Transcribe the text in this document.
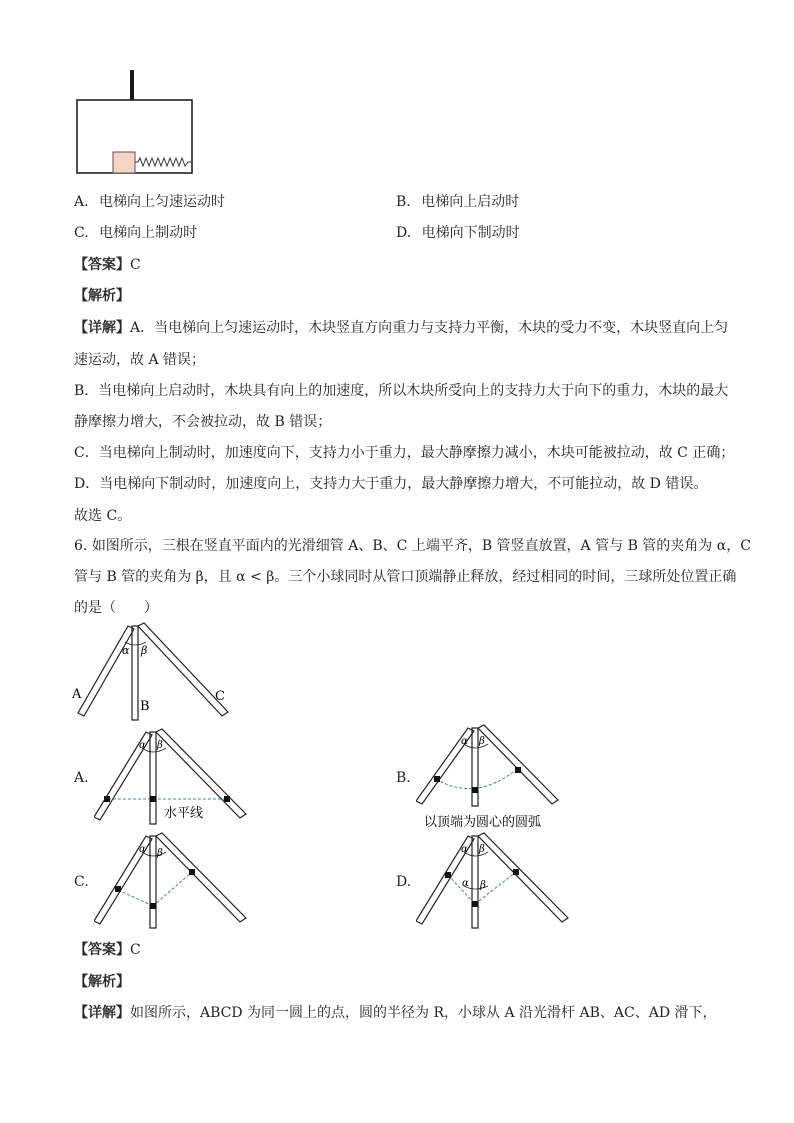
A. 电梯向上匀速运动时	B. 电梯向上启动时
C. 电梯向上制动时	D. 电梯向下制动时
【答案】C
【解析】
【详解】A．当电梯向上匀速运动时，木块竖直方向重力与支持力平衡，木块的受力不变，木块竖直向上匀
速运动，故 A 错误；
B．当电梯向上启动时，木块具有向上的加速度，所以木块所受向上的支持力大于向下的重力，木块的最大
静摩擦力增大，不会被拉动，故 B 错误；
C．当电梯向上制动时，加速度向下，支持力小于重力，最大静摩擦力减小，木块可能被拉动，故 C 正确；
D．当电梯向下制动时，加速度向上，支持力大于重力，最大静摩擦力增大，不可能拉动，故 D 错误。
故选 C。
6. 如图所示，三根在竖直平面内的光滑细管 A、B、C 上端平齐，B 管竖直放置，A 管与 B 管的夹角为 α，C
管与 B 管的夹角为 β，且 α < β。三个小球同时从管口顶端静止释放，经过相同的时间，三球所处位置正确
的是（　　）
α β
A
B
C
A.
α β
水平线
B.
α β
以顶端为圆心的圆弧
C.
α β
D.
α β
α β
【答案】C
【解析】
【详解】如图所示，ABCD 为同一圆上的点，圆的半径为 R，小球从 A 沿光滑杆 AB、AC、AD 滑下，
